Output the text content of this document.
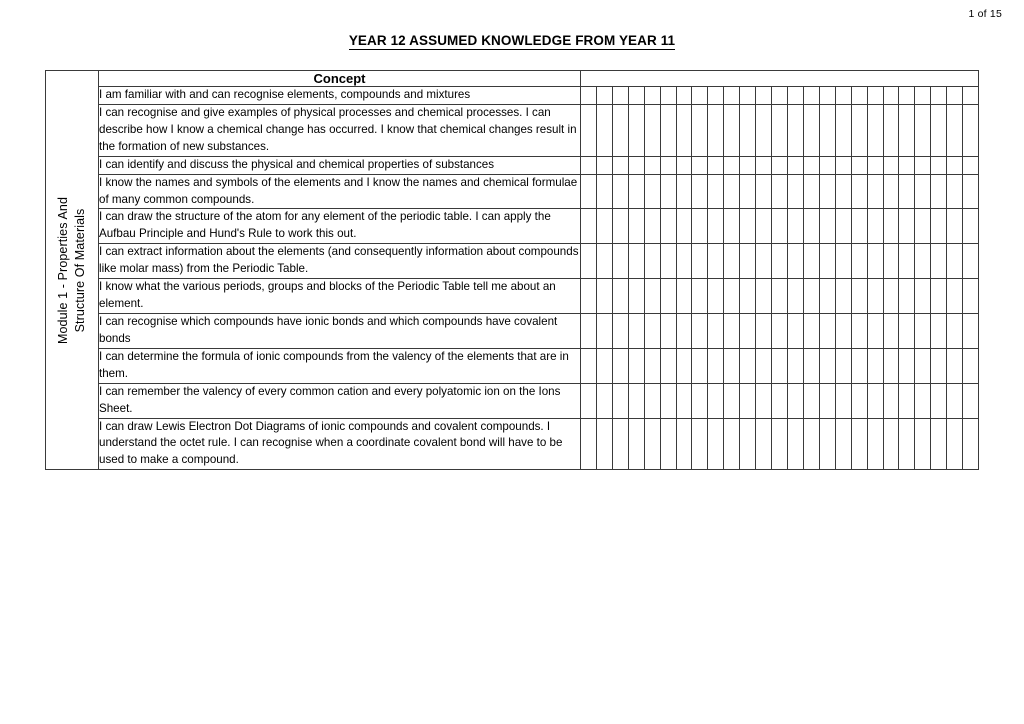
1 of 15
YEAR 12 ASSUMED KNOWLEDGE FROM YEAR 11
Module 1 - Properties And Structure Of Materials	Concept	
	I am familiar with and can recognise elements, compounds and mixtures	

	I can recognise and give examples of physical processes and chemical processes. I can describe how I know a chemical change has occurred. I know that chemical changes result in the formation of new substances.	

	I can identify and discuss the physical and chemical properties of substances	

	I know the names and symbols of the elements and I know the names and chemical formulae of many common compounds.	

	I can draw the structure of the atom for any element of the periodic table. I can apply the Aufbau Principle and Hund's Rule to work this out.	

	I can extract information about the elements (and consequently information about compounds like molar mass) from the Periodic Table.	

	I know what the various periods, groups and blocks of the Periodic Table tell me about an element.	

	I can recognise which compounds have ionic bonds and which compounds have covalent bonds	

	I can determine the formula of ionic compounds from the valency of the elements that are in them.	

	I can remember the valency of every common cation and every polyatomic ion on the Ions Sheet.	

	I can draw Lewis Electron Dot Diagrams of ionic compounds and covalent compounds. I understand the octet rule. I can recognise when a coordinate covalent bond will have to be used to make a compound.	
